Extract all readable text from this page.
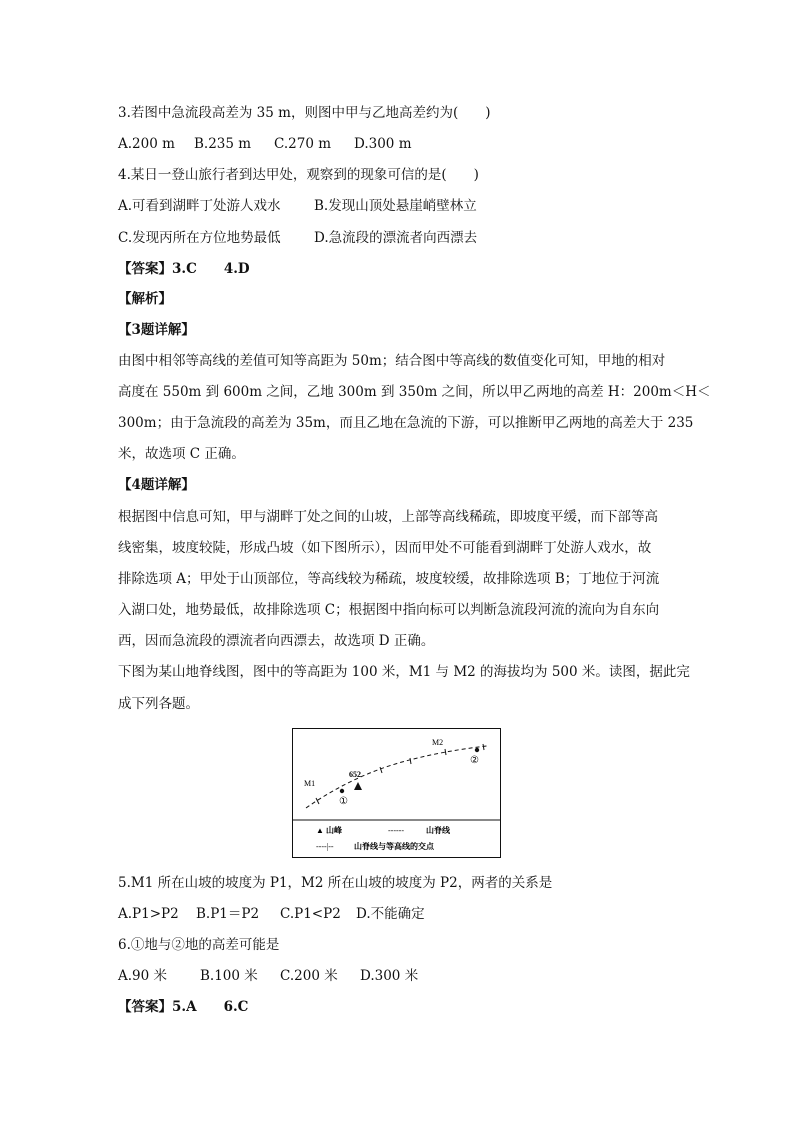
3.若图中急流段高差为 35 m，则图中甲与乙地高差约为(　　)
A.200 m B.235 m C.270 m D.300 m
4.某日一登山旅行者到达甲处，观察到的现象可信的是(　　)
A.可看到湖畔丁处游人戏水 B.发现山顶处悬崖峭壁林立
C.发现丙所在方位地势最低 D.急流段的漂流者向西漂去
【答案】3.C　　4.D
【解析】
【3题详解】
由图中相邻等高线的差值可知等高距为 50m；结合图中等高线的数值变化可知，甲地的相对
高度在 550m 到 600m 之间，乙地 300m 到 350m 之间，所以甲乙两地的高差 H：200m＜H＜
300m；由于急流段的高差为 35m，而且乙地在急流的下游，可以推断甲乙两地的高差大于 235
米，故选项 C 正确。
【4题详解】
根据图中信息可知，甲与湖畔丁处之间的山坡，上部等高线稀疏，即坡度平缓，而下部等高
线密集，坡度较陡，形成凸坡（如下图所示），因而甲处不可能看到湖畔丁处游人戏水，故
排除选项 A；甲处于山顶部位，等高线较为稀疏，坡度较缓，故排除选项 B；丁地位于河流
入湖口处，地势最低，故排除选项 C；根据图中指向标可以判断急流段河流的流向为自东向
西，因而急流段的漂流者向西漂去，故选项 D 正确。
下图为某山地脊线图，图中的等高距为 100 米，M1 与 M2 的海拔均为 500 米。读图，据此完
成下列各题。
M1
M2
652
①
②
▲ 山峰	------	山脊线
----|--	山脊线与等高线的交点
5.M1 所在山坡的坡度为 P1，M2 所在山坡的坡度为 P2，两者的关系是
A.P1>P2 B.P1＝P2 C.P1<P2 D.不能确定
6.①地与②地的高差可能是
A.90 米 B.100 米 C.200 米 D.300 米
【答案】5.A　　6.C
